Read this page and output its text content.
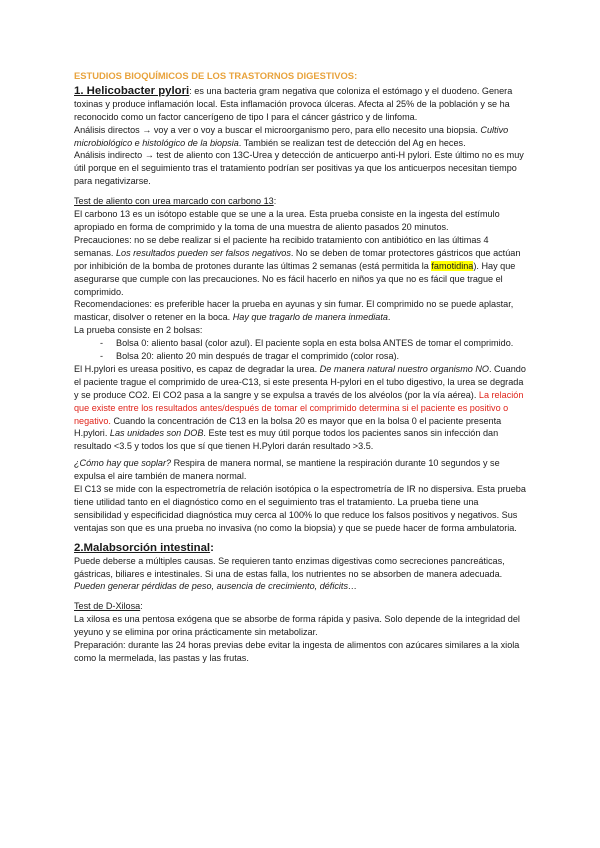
ESTUDIOS BIOQUÍMICOS DE LOS TRASTORNOS DIGESTIVOS:

1. Helicobacter pylori: es una bacteria gram negativa que coloniza el estómago y el duodeno. Genera toxinas y produce inflamación local. Esta inflamación provoca úlceras. Afecta al 25% de la población y se ha reconocido como un factor cancerígeno de tipo I para el cáncer gástrico y de linfoma.

Análisis directos → voy a ver o voy a buscar el microorganismo pero, para ello necesito una biopsia. Cultivo microbiológico e histológico de la biopsia. También se realizan test de detección del Ag en heces.

Análisis indirecto → test de aliento con 13C-Urea y detección de anticuerpo anti-H pylori. Este último no es muy útil porque en el seguimiento tras el tratamiento podrían ser positivas ya que los anticuerpos necesitan tiempo para negativizarse.

Test de aliento con urea marcado con carbono 13:

El carbono 13 es un isótopo estable que se une a la urea. Esta prueba consiste en la ingesta del estímulo apropiado en forma de comprimido y la toma de una muestra de aliento pasados 20 minutos.

Precauciones: no se debe realizar si el paciente ha recibido tratamiento con antibiótico en las últimas 4 semanas. Los resultados pueden ser falsos negativos. No se deben de tomar protectores gástricos que actúan por inhibición de la bomba de protones durante las últimas 2 semanas (está permitida la famotidina). Hay que asegurarse que cumple con las precauciones. No es fácil hacerlo en niños ya que no es fácil que trague el comprimido.

Recomendaciones: es preferible hacer la prueba en ayunas y sin fumar. El comprimido no se puede aplastar, masticar, disolver o retener en la boca. Hay que tragarlo de manera inmediata.

La prueba consiste en 2 bolsas:

- Bolsa 0: aliento basal (color azul). El paciente sopla en esta bolsa ANTES de tomar el comprimido.
- Bolsa 20: aliento 20 min después de tragar el comprimido (color rosa).

El H.pylori es ureasa positivo, es capaz de degradar la urea. De manera natural nuestro organismo NO. Cuando el paciente trague el comprimido de urea-C13, si este presenta H-pylori en el tubo digestivo, la urea se degrada y se produce CO2. El CO2 pasa a la sangre y se expulsa a través de los alvéolos (por la vía aérea). La relación que existe entre los resultados antes/después de tomar el comprimido determina si el paciente es positivo o negativo. Cuando la concentración de C13 en la bolsa 20 es mayor que en la bolsa 0 el paciente presenta H.pylori. Las unidades son DOB. Este test es muy útil porque todos los pacientes sanos sin infección dan resultado <3.5 y todos los que sí que tienen H.Pylori darán resultado >3.5.

¿Cómo hay que soplar? Respira de manera normal, se mantiene la respiración durante 10 segundos y se expulsa el aire también de manera normal.

El C13 se mide con la espectrometría de relación isotópica o la espectrometría de IR no dispersiva. Esta prueba tiene utilidad tanto en el diagnóstico como en el seguimiento tras el tratamiento. La prueba tiene una sensibilidad y especificidad diagnóstica muy cerca al 100% lo que reduce los falsos positivos y negativos. Sus ventajas son que es una prueba no invasiva (no como la biopsia) y que se puede hacer de forma ambulatoria.

2.Malabsorción intestinal:

Puede deberse a múltiples causas. Se requieren tanto enzimas digestivas como secreciones pancreáticas, gástricas, biliares e intestinales. Si una de estas falla, los nutrientes no se absorben de manera adecuada. Pueden generar pérdidas de peso, ausencia de crecimiento, déficits…

Test de D-Xilosa:

La xilosa es una pentosa exógena que se absorbe de forma rápida y pasiva. Solo depende de la integridad del yeyuno y se elimina por orina prácticamente sin metabolizar.

Preparación: durante las 24 horas previas debe evitar la ingesta de alimentos con azúcares similares a la xiola como la mermelada, las pastas y las frutas.
